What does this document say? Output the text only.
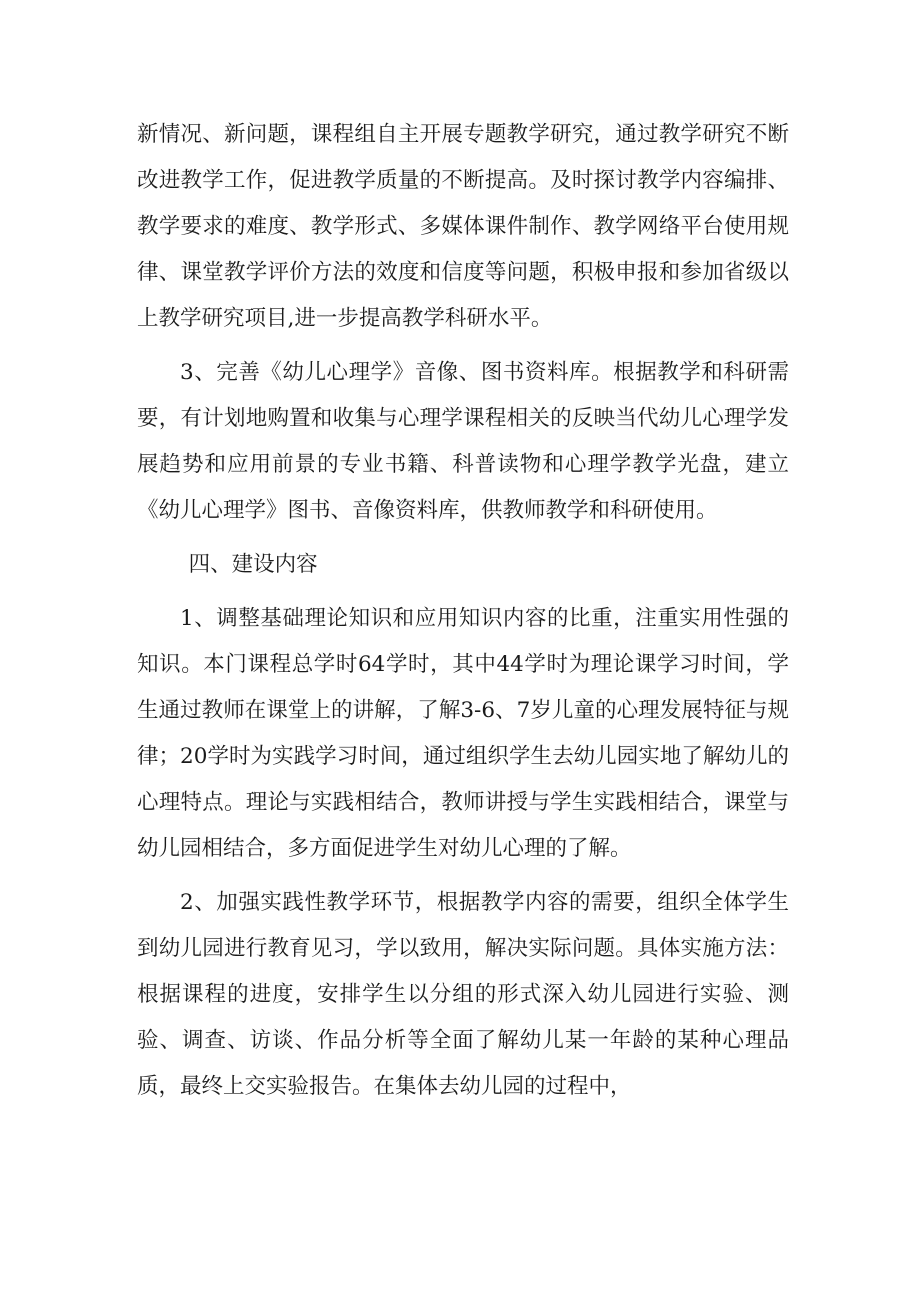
新情况、新问题，课程组自主开展专题教学研究，通过教学研究不断改进教学工作，促进教学质量的不断提高。及时探讨教学内容编排、教学要求的难度、教学形式、多媒体课件制作、教学网络平台使用规律、课堂教学评价方法的效度和信度等问题，积极申报和参加省级以上教学研究项目,进一步提高教学科研水平。

3、完善《幼儿心理学》音像、图书资料库。根据教学和科研需要，有计划地购置和收集与心理学课程相关的反映当代幼儿心理学发展趋势和应用前景的专业书籍、科普读物和心理学教学光盘，建立《幼儿心理学》图书、音像资料库，供教师教学和科研使用。

四、建设内容

1、调整基础理论知识和应用知识内容的比重，注重实用性强的知识。本门课程总学时64学时，其中44学时为理论课学习时间，学生通过教师在课堂上的讲解，了解3-6、7岁儿童的心理发展特征与规律；20学时为实践学习时间，通过组织学生去幼儿园实地了解幼儿的心理特点。理论与实践相结合，教师讲授与学生实践相结合，课堂与幼儿园相结合，多方面促进学生对幼儿心理的了解。

2、加强实践性教学环节，根据教学内容的需要，组织全体学生到幼儿园进行教育见习，学以致用，解决实际问题。具体实施方法：根据课程的进度，安排学生以分组的形式深入幼儿园进行实验、测验、调查、访谈、作品分析等全面了解幼儿某一年龄的某种心理品质，最终上交实验报告。在集体去幼儿园的过程中，
